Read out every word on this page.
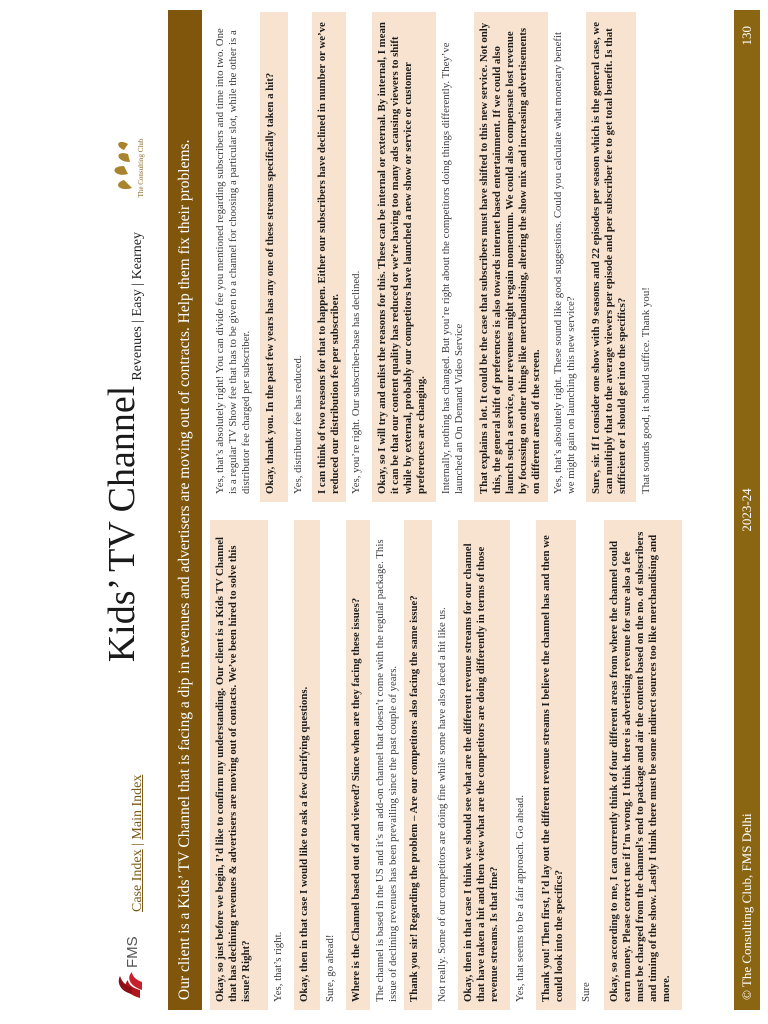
FMS
Case Index | Main Index
Kids’ TV Channel
Revenues | Easy | Kearney
The Consulting Club	Our client is a Kids’ TV Channel that is facing a dip in revenues and advertisers are moving out of contracts. Help them fix their problems.	Okay, so just before we begin, I’d like to confirm my understanding. Our client is a Kids TV Channel that has declining revenues & advertisers are moving out of contacts. We’ve been hired to solve this issue? Right?	Yes, that’s right.	Okay, then in that case I would like to ask a few clarifying questions.	Sure, go ahead!	Where is the Channel based out of and viewed? Since when are they facing these issues?	The channel is based in the US and it’s an add-on channel that doesn’t come with the regular package. This issue of declining revenues has been prevailing since the past couple of years. Thank you sir! Regarding the problem – Are our competitors also facing the same issue?	Not really. Some of our competitors are doing fine while some have also faced a hit like us.	Okay, then in that case I think we should see what are the different revenue streams for our channel that have taken a hit and then view what are the competitors are doing differently in terms of those revenue streams. Is that fine?	Yes, that seems to be a fair approach. Go ahead.	Thank you! Then first, I’d lay out the different revenue streams I believe the channel has and then we could look into the specifics?	Sure	Okay, so according to me, I can currently think of four different areas from where the channel could earn money. Please correct me if I’m wrong. I think there is advertising revenue for sure also a fee must be charged from the channel’s end to package and air the content based on the no. of subscribers and timing of the show. Lastly I think there must be some indirect sources too like merchandising and more.
Yes, that’s absolutely right! You can divide fee you mentioned regarding subscribers and time into two. One is a regular TV Show fee that has to be given to a channel for choosing a particular slot, while the other is a distributor fee charged per subscriber.	Okay, thank you. In the past few years has any one of these streams specifically taken a hit?	Yes, distributor fee has reduced.	I can think of two reasons for that to happen. Either our subscribers have declined in number or we’ve reduced our distribution fee per subscriber. Yes, you’re right. Our subscriber-base has declined.	Okay, so I will try and enlist the reasons for this. These can be internal or external. By internal, I mean it can be that our content quality has reduced or we’re having too many ads causing viewers to shift while by external, probably our competitors have launched a new show or service or customer preferences are changing.	Internally, nothing has changed. But you’re right about the competitors doing things differently. They’ve launched an On Demand Video Service	That explains a lot. It could be the case that subscribers must have shifted to this new service. Not only this, the general shift of preferences is also towards internet based entertainment. If we could also launch such a service, our revenues might regain momentum. We could also compensate lost revenue by focussing on other things like merchandising, altering the show mix and increasing advertisements on different areas of the screen. Yes, that’s absolutely right. These sound like good suggestions. Could you calculate what monetary benefit we might gain on launching this new service?	Sure, sir. If I consider one show with 9 seasons and 22 episodes per season which is the general case, we can multiply that to the average viewers per episode and per subscriber fee to get total benefit. Is that sufficient or I should get into the specifics?	That sounds good, it should suffice. Thank you!
© The Consulting Club, FMS Delhi
2023-24
130
